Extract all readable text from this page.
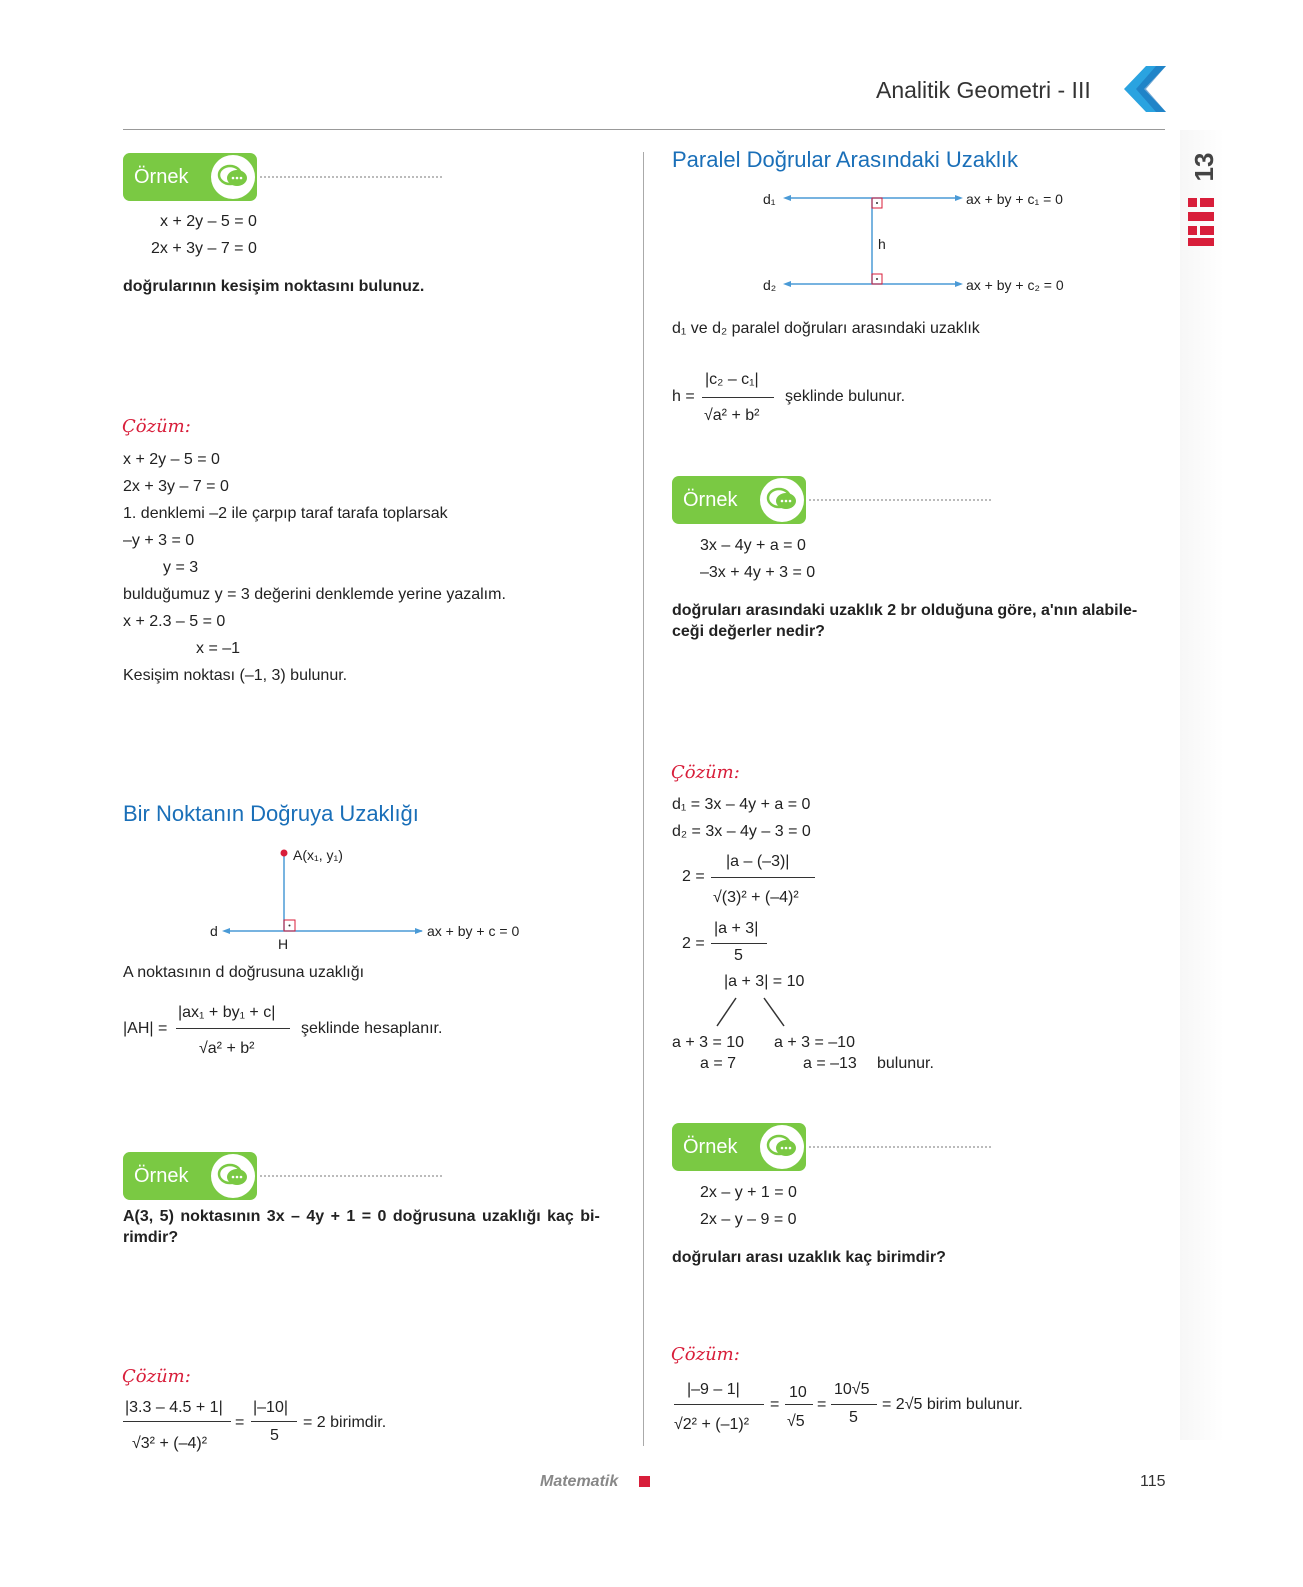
Analitik Geometri - III
13
Örnek
x + 2y – 5 = 0
2x + 3y – 7 = 0
doğrularının kesişim noktasını bulunuz.
Çözüm:
x + 2y – 5 = 0
2x + 3y – 7 = 0
1. denklemi –2 ile çarpıp taraf tarafa toplarsak
–y + 3 = 0
y = 3
bulduğumuz y = 3 değerini denklemde yerine yazalım.
x + 2.3 – 5 = 0
x = –1
Kesişim noktası (–1, 3) bulunur.
Bir Noktanın Doğruya Uzaklığı
A(x₁, y₁)
d
H
ax + by + c = 0
A noktasının d doğrusuna uzaklığı
|AH| =
|ax₁ + by₁ + c|
√a² + b²
şeklinde hesaplanır.
Örnek
A(3, 5) noktasının 3x – 4y + 1 = 0 doğrusuna uzaklığı kaç bi-
rimdir?
Çözüm:
|3.3 – 4.5 + 1|
√3² + (–4)²
=
|–10|
5
= 2 birimdir.
Paralel Doğrular Arasındaki Uzaklık
d₁
d₂
ax + by + c₁ = 0
ax + by + c₂ = 0
h
d₁ ve d₂ paralel doğruları arasındaki uzaklık
h =
|c₂ – c₁|
√a² + b²
şeklinde bulunur.
Örnek
3x – 4y + a = 0
–3x + 4y + 3 = 0
doğruları arasındaki uzaklık 2 br olduğuna göre, a'nın alabile-
ceği değerler nedir?
Çözüm:
d₁ = 3x – 4y + a = 0
d₂ = 3x – 4y – 3 = 0
2 =
|a – (–3)|
√(3)² + (–4)²
2 =
|a + 3|
5
|a + 3| = 10
a + 3 = 10
a = 7
a + 3 = –10
a = –13 bulunur.
Örnek
2x – y + 1 = 0
2x – y – 9 = 0
doğruları arası uzaklık kaç birimdir?
Çözüm:
|–9 – 1|
√2² + (–1)²
=
10
√5
=
10√5
5
= 2√5 birim bulunur.
Matematik	115
